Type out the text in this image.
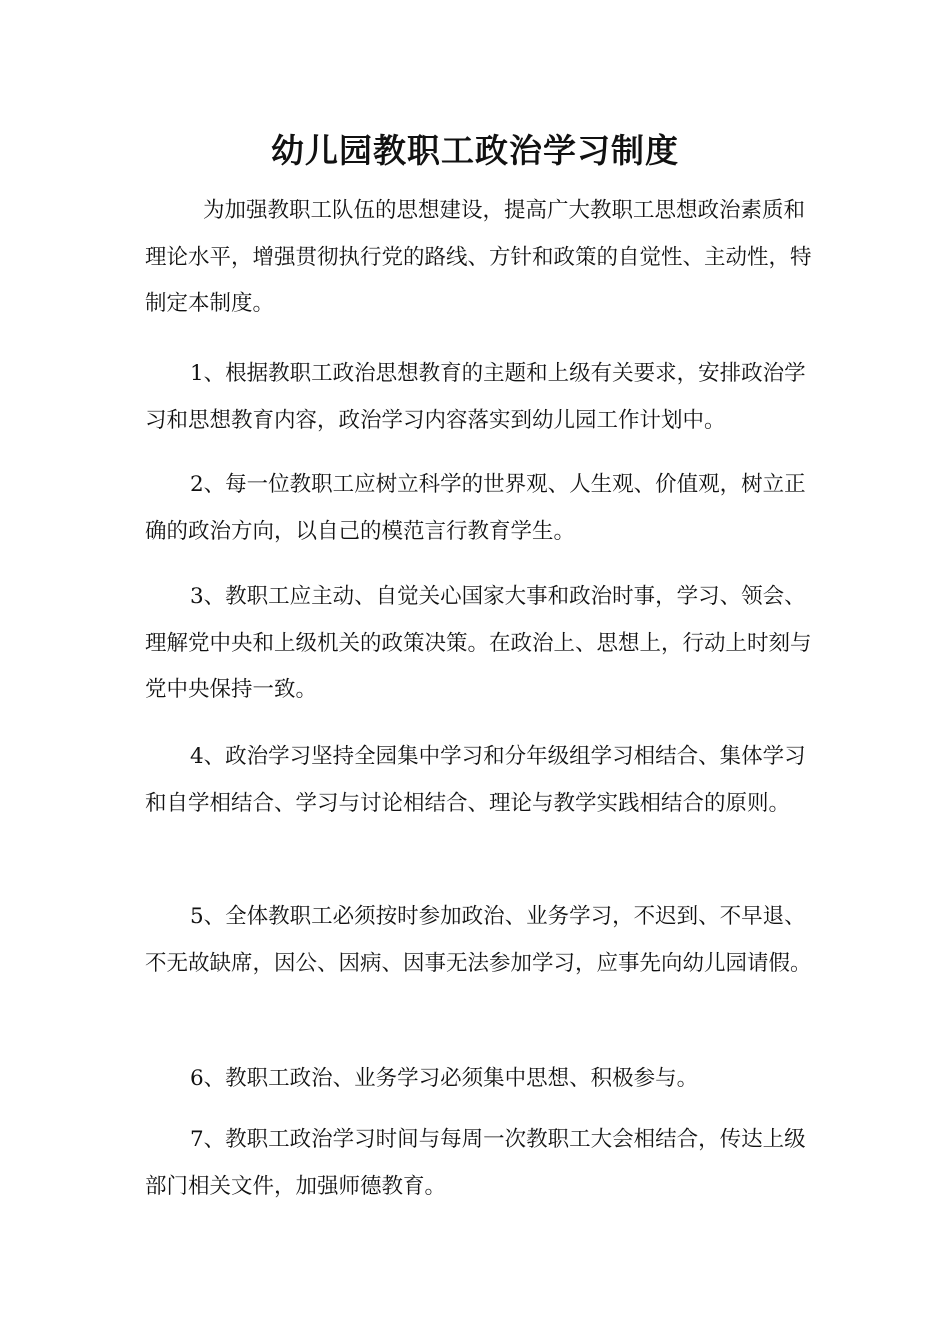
幼儿园教职工政治学习制度

为加强教职工队伍的思想建设，提高广大教职工思想政治素质和理论水平，增强贯彻执行党的路线、方针和政策的自觉性、主动性，特制定本制度。

1、根据教职工政治思想教育的主题和上级有关要求，安排政治学习和思想教育内容，政治学习内容落实到幼儿园工作计划中。

2、每一位教职工应树立科学的世界观、人生观、价值观，树立正确的政治方向，以自己的模范言行教育学生。

3、教职工应主动、自觉关心国家大事和政治时事，学习、领会、理解党中央和上级机关的政策决策。在政治上、思想上，行动上时刻与党中央保持一致。

4、政治学习坚持全园集中学习和分年级组学习相结合、集体学习和自学相结合、学习与讨论相结合、理论与教学实践相结合的原则。

5、全体教职工必须按时参加政治、业务学习，不迟到、不早退、不无故缺席，因公、因病、因事无法参加学习，应事先向幼儿园请假。

6、教职工政治、业务学习必须集中思想、积极参与。

7、教职工政治学习时间与每周一次教职工大会相结合，传达上级部门相关文件，加强师德教育。
